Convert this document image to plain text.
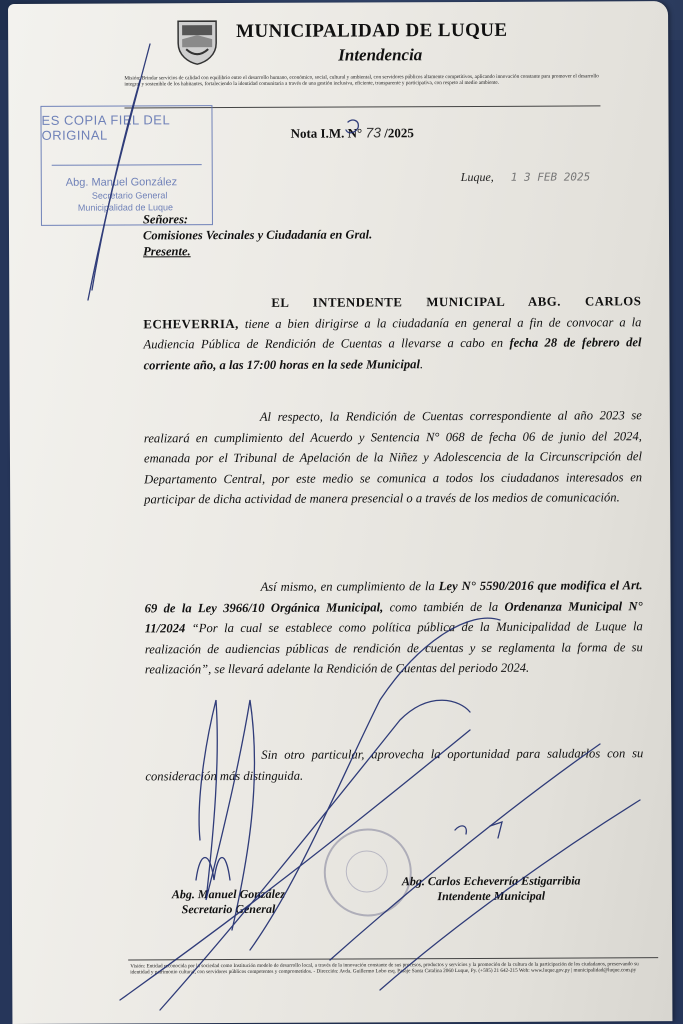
MUNICIPALIDAD DE LUQUE
Intendencia
Misión: Brindar servicios de calidad con equilibrio entre el desarrollo humano, económico, social, cultural y ambiental, con servidores públicos altamente competitivos, aplicando innovación constante para promover el desarrollo integral y sostenible de los habitantes, fortaleciendo la identidad comunitaria a través de una gestión inclusiva, eficiente, transparente y participativa, con respeto al medio ambiente.
ES COPIA FIEL DEL ORIGINAL
Abg. Manuel González
Secretario General
Municipalidad de Luque
Nota I.M. N° 73 /2025
Luque, 1 3 FEB 2025
Señores:
Comisiones Vecinales y Ciudadanía en Gral.
Presente.
EL INTENDENTE MUNICIPAL ABG. CARLOS ECHEVERRIA, tiene a bien dirigirse a la ciudadanía en general a fin de convocar a la Audiencia Pública de Rendición de Cuentas a llevarse a cabo en fecha 28 de febrero del corriente año, a las 17:00 horas en la sede Municipal.
Al respecto, la Rendición de Cuentas correspondiente al año 2023 se realizará en cumplimiento del Acuerdo y Sentencia N° 068 de fecha 06 de junio del 2024, emanada por el Tribunal de Apelación de la Niñez y Adolescencia de la Circunscripción del Departamento Central, por este medio se comunica a todos los ciudadanos interesados en participar de dicha actividad de manera presencial o a través de los medios de comunicación.
Así mismo, en cumplimiento de la Ley N° 5590/2016 que modifica el Art. 69 de la Ley 3966/10 Orgánica Municipal, como también de la Ordenanza Municipal N° 11/2024 “Por la cual se establece como política pública de la Municipalidad de Luque la realización de audiencias públicas de rendición de cuentas y se reglamenta la forma de su realización”, se llevará adelante la Rendición de Cuentas del periodo 2024.
Sin otro particular, aprovecha la oportunidad para saludarlos con su consideración más distinguida.
Abg. Manuel González
Secretario General
Abg. Carlos Echeverría Estigarribia
Intendente Municipal
Visión: Entidad reconocida por la sociedad como Institución modelo de desarrollo local, a través de la innovación constante de sus procesos, productos y servicios y la promoción de la cultura de la participación de los ciudadanos, preservando su identidad y patrimonio cultural, con servidores públicos competentes y comprometidos. - Dirección: Avda. Guillermo Lobo esq. Pasaje Santa Catalina 2060 Luque, Py. (+595) 21 642-215 Web: www.luque.gov.py | municipalidad@luque.com.py
